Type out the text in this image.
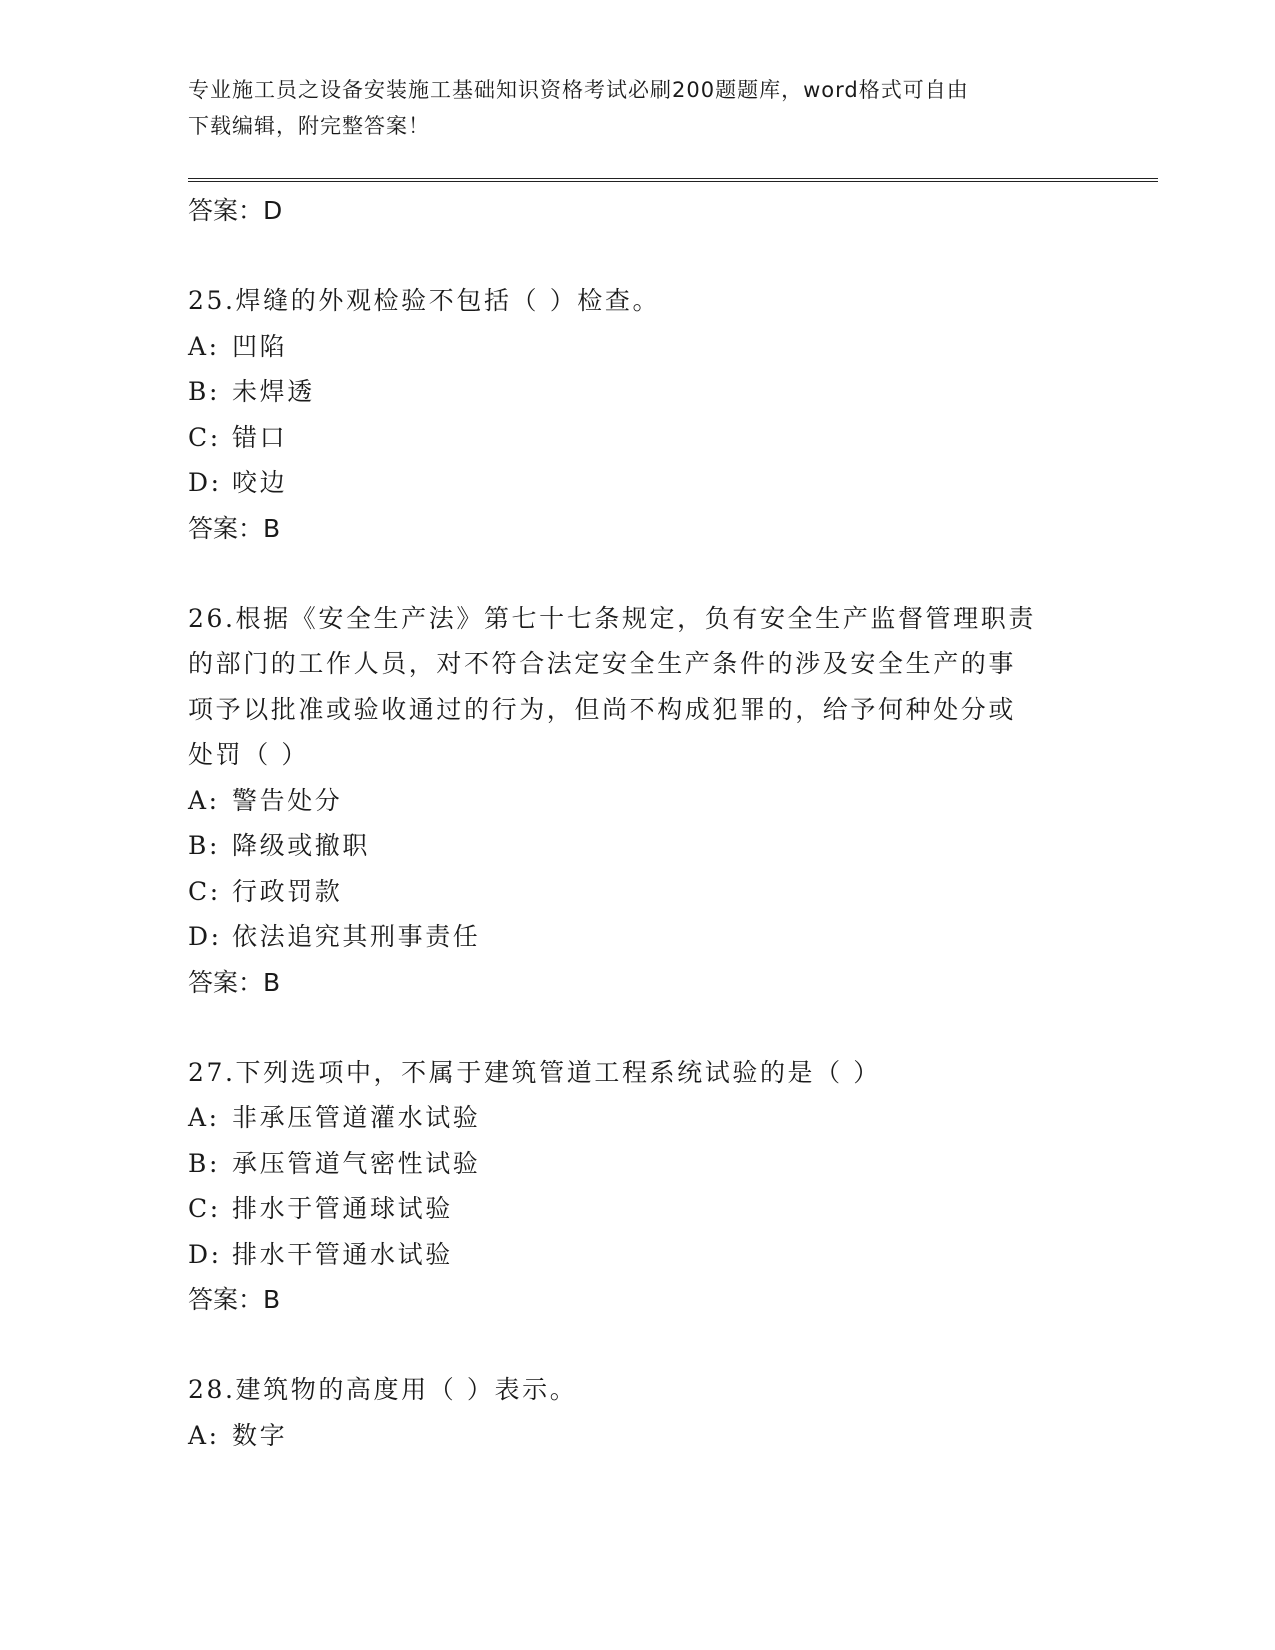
专业施工员之设备安装施工基础知识资格考试必刷200题题库，word格式可自由
下载编辑，附完整答案！
答案：D
25.焊缝的外观检验不包括（ ）检查。
A: 凹陷
B: 未焊透
C: 错口
D: 咬边
答案：B
26.根据《安全生产法》第七十七条规定，负有安全生产监督管理职责
的部门的工作人员，对不符合法定安全生产条件的涉及安全生产的事
项予以批准或验收通过的行为，但尚不构成犯罪的，给予何种处分或
处罚（ ）
A: 警告处分
B: 降级或撤职
C: 行政罚款
D: 依法追究其刑事责任
答案：B
27.下列选项中，不属于建筑管道工程系统试验的是（ ）
A: 非承压管道灌水试验
B: 承压管道气密性试验
C: 排水于管通球试验
D: 排水干管通水试验
答案：B
28.建筑物的高度用（ ）表示。
A: 数字
